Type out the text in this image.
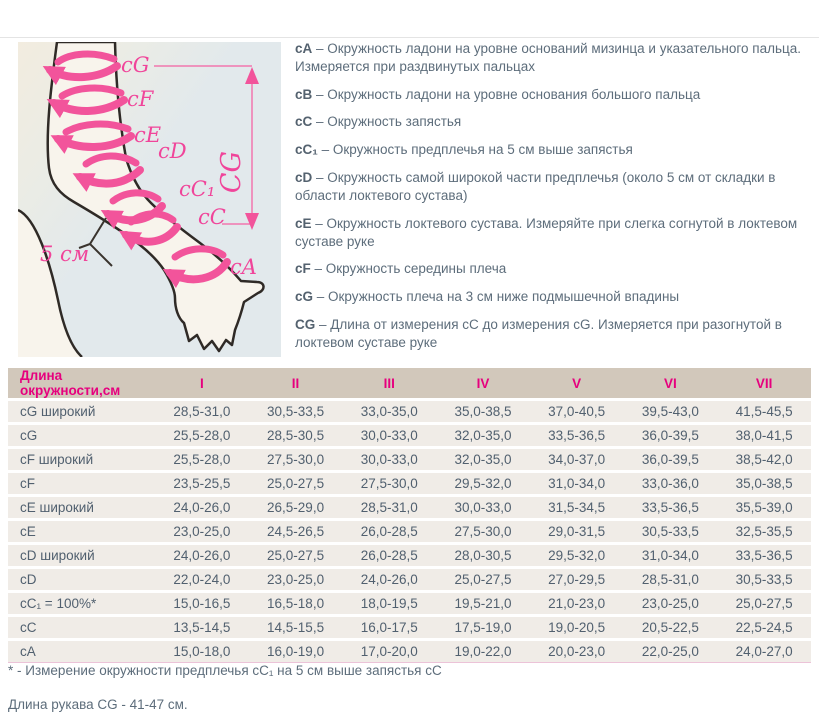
cG
cF
cE
cD
cC₁
cC
cA
5 см
CG

cA – Окружность ладони на уровне оснований мизинца и указательного пальца. Измеряется при раздвинутых пальцах

cB – Окружность ладони на уровне основания большого пальца

cC – Окружность запястья

cC₁ – Окружность предплечья на 5 см выше запястья

cD – Окружность самой широкой части предплечья (около 5 см от складки в области локтевого сустава)

cE – Окружность локтевого сустава. Измеряйте при слегка согнутой в локтевом суставе руке

cF – Окружность середины плеча

cG – Окружность плеча на 3 см ниже подмышечной впадины

CG – Длина от измерения cC до измерения cG. Измеряется при разогнутой в локтевом суставе руке

Длина окружности,см	I	II	III	IV	V	VI	VII
cG широкий	28,5-31,0	30,5-33,5	33,0-35,0	35,0-38,5	37,0-40,5	39,5-43,0	41,5-45,5
cG	25,5-28,0	28,5-30,5	30,0-33,0	32,0-35,0	33,5-36,5	36,0-39,5	38,0-41,5
cF широкий	25,5-28,0	27,5-30,0	30,0-33,0	32,0-35,0	34,0-37,0	36,0-39,5	38,5-42,0
cF	23,5-25,5	25,0-27,5	27,5-30,0	29,5-32,0	31,0-34,0	33,0-36,0	35,0-38,5
cE широкий	24,0-26,0	26,5-29,0	28,5-31,0	30,0-33,0	31,5-34,5	33,5-36,5	35,5-39,0
cE	23,0-25,0	24,5-26,5	26,0-28,5	27,5-30,0	29,0-31,5	30,5-33,5	32,5-35,5
cD широкий	24,0-26,0	25,0-27,5	26,0-28,5	28,0-30,5	29,5-32,0	31,0-34,0	33,5-36,5
cD	22,0-24,0	23,0-25,0	24,0-26,0	25,0-27,5	27,0-29,5	28,5-31,0	30,5-33,5
cC₁ = 100%*	15,0-16,5	16,5-18,0	18,0-19,5	19,5-21,0	21,0-23,0	23,0-25,0	25,0-27,5
cC	13,5-14,5	14,5-15,5	16,0-17,5	17,5-19,0	19,0-20,5	20,5-22,5	22,5-24,5
cA	15,0-18,0	16,0-19,0	17,0-20,0	19,0-22,0	20,0-23,0	22,0-25,0	24,0-27,0
* - Измерение окружности предплечья cC₁ на 5 см выше запястья cC
Длина рукава CG - 41-47 см.
